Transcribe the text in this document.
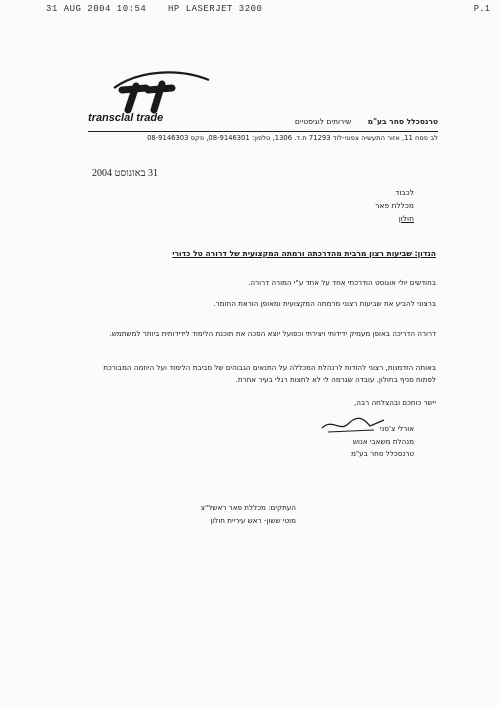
31 AUG 2004 10:54 HP LASERJET 3200	P.1
transclal trade	טרנסכלל סחר בע"מ שירותים לוגיסטיים
לב פסח 11, אזור התעשיה צפוני-לוד 71293 ת.ד. 1306, טלפון: 08-9146301, פקס 08-9146303
31 באוגוסט 2004
לכבוד
מכללת פאר
חולון
הנדון: שביעות רצון מרבית מהדרכתה ורמתה המקצועית של דרורה טל כדורי
בחודשים יולי אוגוסט הודרכתי אחד על אחד ע"י המורה דרורה.
ברצוני להביע את שביעות רצוני מרמתה המקצועית ומאופן הוראת החומר.
דרורה הדריכה באופן מעמיק ידידותי ויצירתי וכפועל יוצא הפכה את תוכנת הלימוד לידידותית ביותר למשתמש.
באותה הזדמנות, רצוני להודות לרנהלת המכללה על התנאים הגבוהים של סביבת הלימוד ועל היוזמה המבורכת לפתוח סניף בחולון. עובדה שגרמה לי לא לחצות רגלי בעיר אחרת.
יישר כוחכם ובהצלחה רבה,
אורלי צ'סני
מנהלת משאבי אנוש
טרנסכלל סחר בע"מ
העתקים: מכללת פאר ראשל"צ
מוטי ששון- ראש עיריית חולון
